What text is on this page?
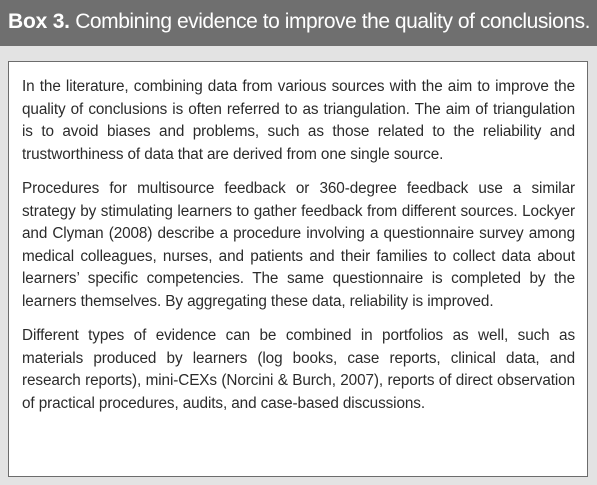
Box 3. Combining evidence to improve the quality of conclusions.

In the literature, combining data from various sources with the aim to improve the quality of conclusions is often referred to as triangulation. The aim of triangulation is to avoid biases and problems, such as those related to the reliability and trustworthiness of data that are derived from one single source.

Procedures for multisource feedback or 360-degree feedback use a similar strategy by stimulating learners to gather feedback from different sources. Lockyer and Clyman (2008) describe a procedure involving a questionnaire survey among medical colleagues, nurses, and patients and their families to collect data about learners’ specific competencies. The same questionnaire is completed by the learners themselves. By aggregating these data, reliability is improved.

Different types of evidence can be combined in portfolios as well, such as materials produced by learners (log books, case reports, clinical data, and research reports), mini-CEXs (Norcini & Burch, 2007), reports of direct observation of practical procedures, audits, and case-based discussions.
